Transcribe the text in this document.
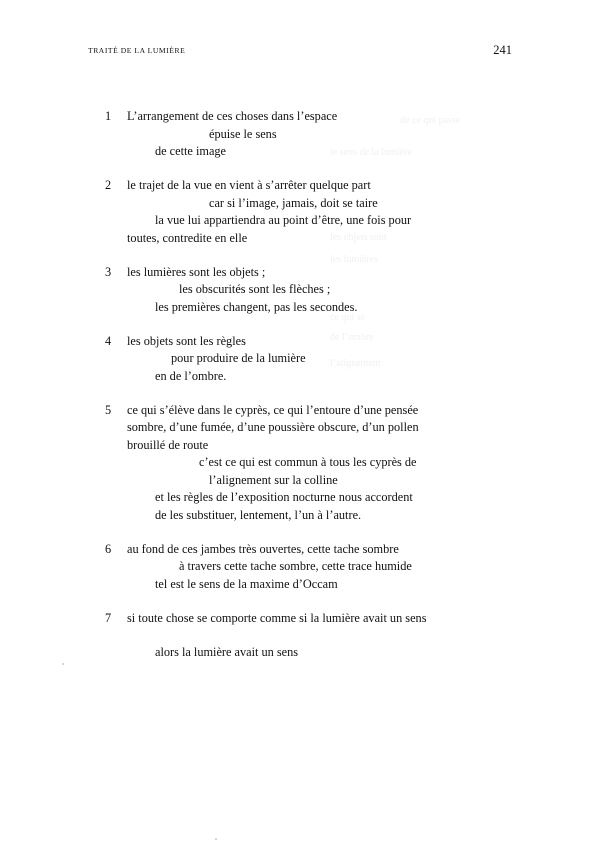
TRAITÉ DE LA LUMIÈRE	241
de ce qui passe
le sens de la lumière
les objets sont
les lumières
ce qui se
de l’ombre
l’alignement
1	L’arrangement de ces choses dans l’espace
épuise le sens
de cette image
2	le trajet de la vue en vient à s’arrêter quelque part
car si l’image, jamais, doit se taire
la vue lui appartiendra au point d’être, une fois pour
toutes, contredite en elle
3	les lumières sont les objets ;
les obscurités sont les flèches ;
les premières changent, pas les secondes.
4	les objets sont les règles
pour produire de la lumière
en de l’ombre.
5	ce qui s’élève dans le cyprès, ce qui l’entoure d’une pensée
sombre, d’une fumée, d’une poussière obscure, d’un pollen
brouillé de route
c’est ce qui est commun à tous les cyprès de
l’alignement sur la colline
et les règles de l’exposition nocturne nous accordent
de les substituer, lentement, l’un à l’autre.
6	au fond de ces jambes très ouvertes, cette tache sombre
à travers cette tache sombre, cette trace humide
tel est le sens de la maxime d’Occam
7	si toute chose se comporte comme si la lumière avait un sens
alors la lumière avait un sens
